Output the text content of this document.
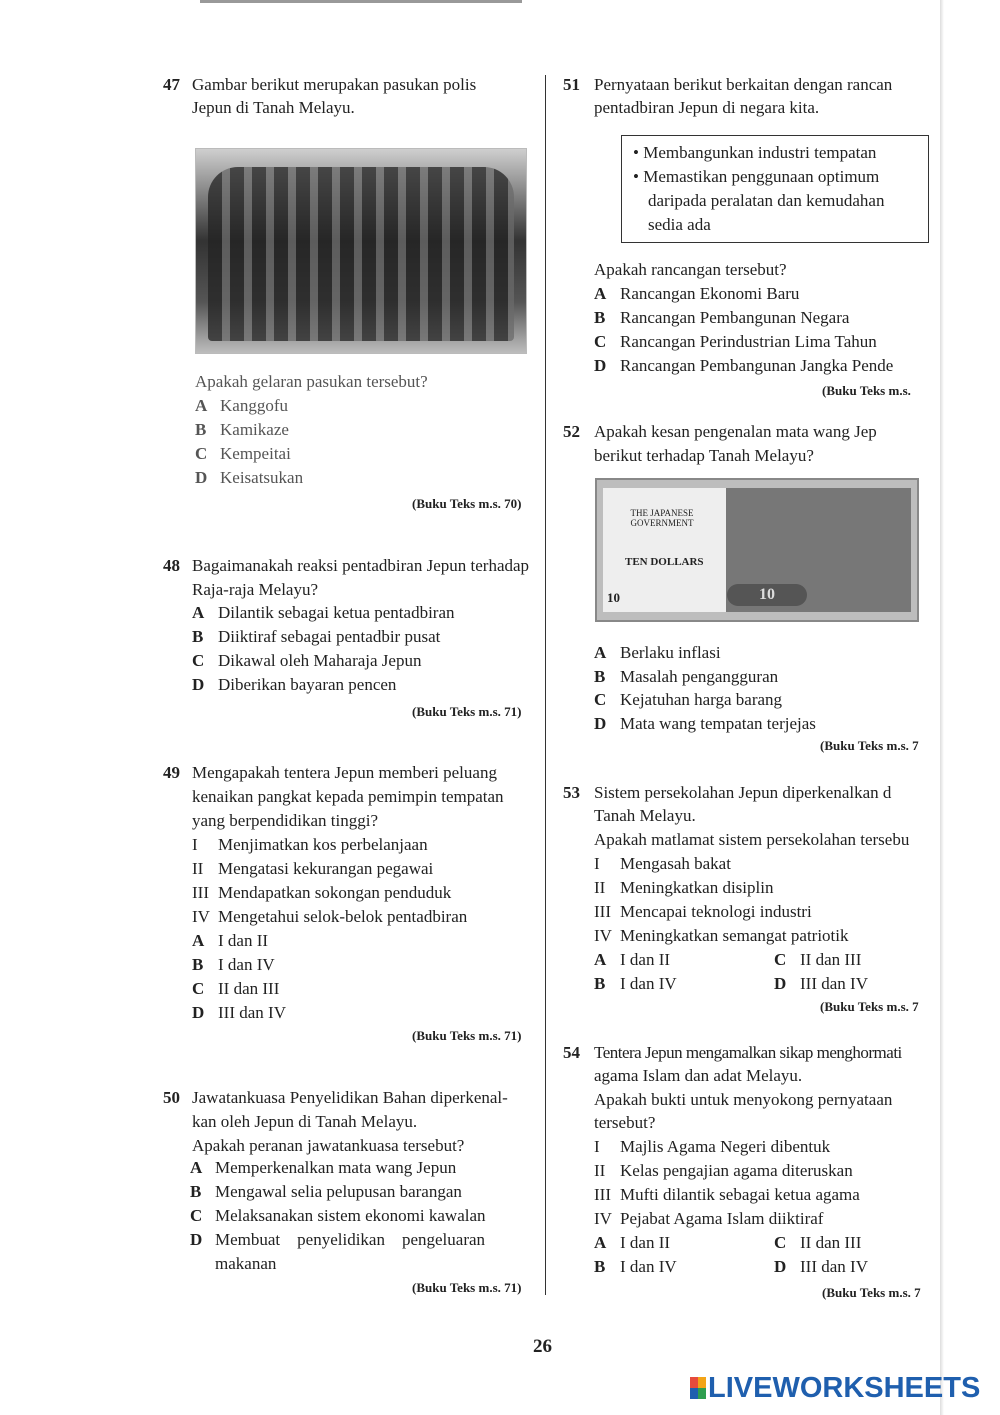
47 Gambar berikut merupakan pasukan polis
Jepun di Tanah Melayu.
Apakah gelaran pasukan tersebut?
A Kanggofu
B Kamikaze
C Kempeitai
D Keisatsukan
(Buku Teks m.s. 70)
48 Bagaimanakah reaksi pentadbiran Jepun terhadap
Raja-raja Melayu?
A Dilantik sebagai ketua pentadbiran
B Diiktiraf sebagai pentadbir pusat
C Dikawal oleh Maharaja Jepun
D Diberikan bayaran pencen
(Buku Teks m.s. 71)
49 Mengapakah tentera Jepun memberi peluang
kenaikan pangkat kepada pemimpin tempatan
yang berpendidikan tinggi?
I Menjimatkan kos perbelanjaan
II Mengatasi kekurangan pegawai
III Mendapatkan sokongan penduduk
IV Mengetahui selok-belok pentadbiran
A I dan II
B I dan IV
C II dan III
D III dan IV
(Buku Teks m.s. 71)
50 Jawatankuasa Penyelidikan Bahan diperkenal-
kan oleh Jepun di Tanah Melayu.
Apakah peranan jawatankuasa tersebut?
A Memperkenalkan mata wang Jepun
B Mengawal selia pelupusan barangan
C Melaksanakan sistem ekonomi kawalan
D Membuat    penyelidikan    pengeluaran
makanan
(Buku Teks m.s. 71)
51 Pernyataan berikut berkaitan dengan rancan
pentadbiran Jepun di negara kita.
• Membangunkan industri tempatan
• Memastikan penggunaan optimum
daripada peralatan dan kemudahan
sedia ada
Apakah rancangan tersebut?
A Rancangan Ekonomi Baru
B Rancangan Pembangunan Negara
C Rancangan Perindustrian Lima Tahun
D Rancangan Pembangunan Jangka Pende
(Buku Teks m.s.
52 Apakah kesan pengenalan mata wang Jep
berikut terhadap Tanah Melayu?
THE JAPANESE GOVERNMENT
TEN DOLLARS
10
10
A Berlaku inflasi
B Masalah pengangguran
C Kejatuhan harga barang
D Mata wang tempatan terjejas
(Buku Teks m.s. 7
53 Sistem persekolahan Jepun diperkenalkan d
Tanah Melayu.
Apakah matlamat sistem persekolahan tersebu
I Mengasah bakat
II Meningkatkan disiplin
III Mencapai teknologi industri
IV Meningkatkan semangat patriotik
A I dan II	C II dan III
B I dan IV	D III dan IV
(Buku Teks m.s. 7
54 Tentera Jepun mengamalkan sikap menghormati
agama Islam dan adat Melayu.
Apakah bukti untuk menyokong pernyataan
tersebut?
I Majlis Agama Negeri dibentuk
II Kelas pengajian agama diteruskan
III Mufti dilantik sebagai ketua agama
IV Pejabat Agama Islam diiktiraf
A I dan II	C II dan III
B I dan IV	D III dan IV
(Buku Teks m.s. 7
26
LIVEWORKSHEETS
